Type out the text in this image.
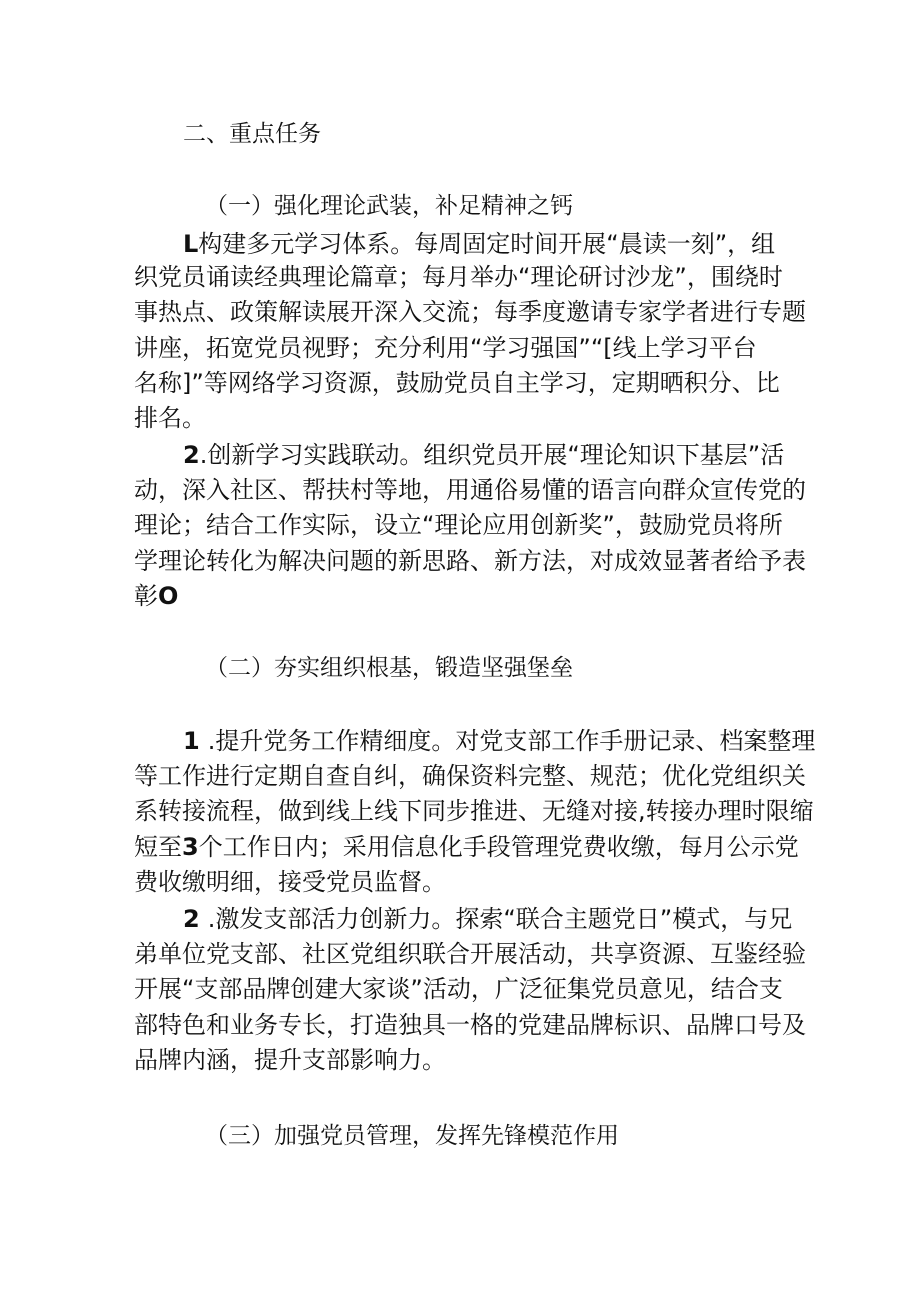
二、重点任务
（一）强化理论武装，补足精神之钙
L构建多元学习体系。每周固定时间开展“晨读一刻”，组
织党员诵读经典理论篇章；每月举办“理论研讨沙龙”，围绕时
事热点、政策解读展开深入交流；每季度邀请专家学者进行专题
讲座，拓宽党员视野；充分利用“学习强国”“[线上学习平台
名称]”等网络学习资源，鼓励党员自主学习，定期晒积分、比
排名。
2.创新学习实践联动。组织党员开展“理论知识下基层”活
动，深入社区、帮扶村等地，用通俗易懂的语言向群众宣传党的
理论；结合工作实际，设立“理论应用创新奖”，鼓励党员将所
学理论转化为解决问题的新思路、新方法，对成效显著者给予表
彰O
（二）夯实组织根基，锻造坚强堡垒
1 .提升党务工作精细度。对党支部工作手册记录、档案整理
等工作进行定期自查自纠，确保资料完整、规范；优化党组织关
系转接流程，做到线上线下同步推进、无缝对接,转接办理时限缩
短至3个工作日内；采用信息化手段管理党费收缴，每月公示党
费收缴明细，接受党员监督。
2 .激发支部活力创新力。探索“联合主题党日”模式，与兄
弟单位党支部、社区党组织联合开展活动，共享资源、互鉴经验
开展“支部品牌创建大家谈”活动，广泛征集党员意见，结合支
部特色和业务专长，打造独具一格的党建品牌标识、品牌口号及
品牌内涵，提升支部影响力。
（三）加强党员管理，发挥先锋模范作用
